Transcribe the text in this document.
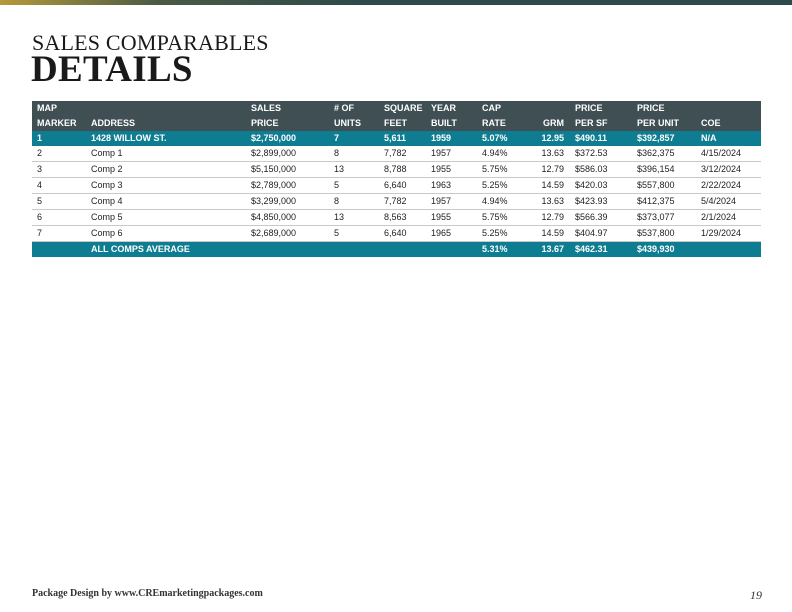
SALES COMPARABLES
DETAILS
MAP		SALES	# OF	SQUARE	YEAR	CAP		PRICE	PRICE	
MARKER	ADDRESS	PRICE	UNITS	FEET	BUILT	RATE	GRM	PER SF	PER UNIT	COE
1	1428 WILLOW ST.	$2,750,000	7	5,611	1959	5.07%	12.95	$490.11	$392,857	N/A
2	Comp 1	$2,899,000	8	7,782	1957	4.94%	13.63	$372.53	$362,375	4/15/2024
3	Comp 2	$5,150,000	13	8,788	1955	5.75%	12.79	$586.03	$396,154	3/12/2024
4	Comp 3	$2,789,000	5	6,640	1963	5.25%	14.59	$420.03	$557,800	2/22/2024
5	Comp 4	$3,299,000	8	7,782	1957	4.94%	13.63	$423.93	$412,375	5/4/2024
6	Comp 5	$4,850,000	13	8,563	1955	5.75%	12.79	$566.39	$373,077	2/1/2024
7	Comp 6	$2,689,000	5	6,640	1965	5.25%	14.59	$404.97	$537,800	1/29/2024
	ALL COMPS AVERAGE					5.31%	13.67	$462.31	$439,930	
Package Design by www.CREmarketingpackages.com	19
